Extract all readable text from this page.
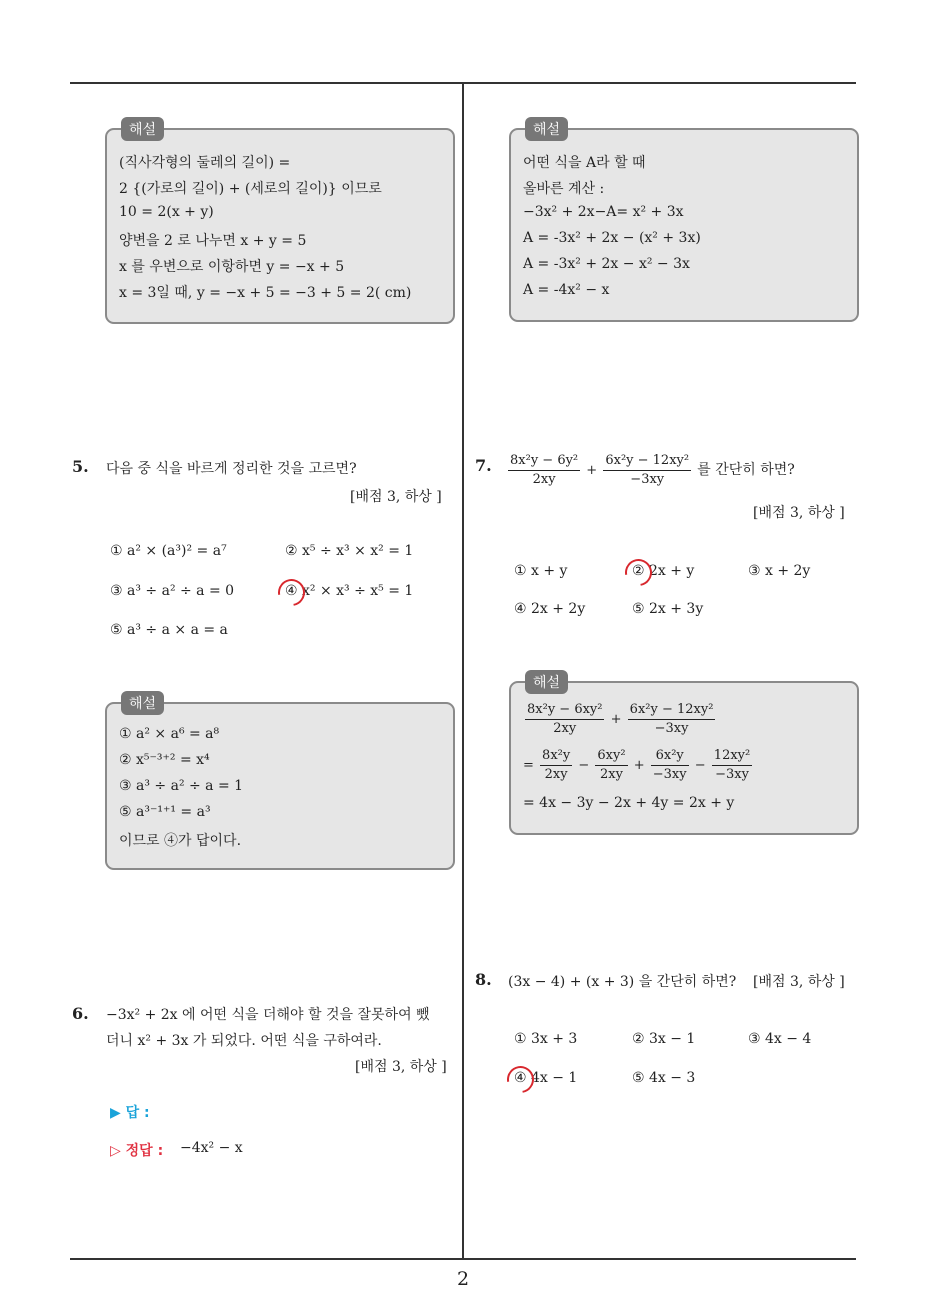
2
해설
(직사각형의 둘레의 길이) =
2 {(가로의 길이) + (세로의 길이)} 이므로
10 = 2(x + y)
양변을 2 로 나누면 x + y = 5
x 를 우변으로 이항하면 y = −x + 5
x = 3일 때, y = −x + 5 = −3 + 5 = 2( cm)
해설
어떤 식을 A라 할 때
올바른 계산 :
−3x² + 2x−A= x² + 3x
A = -3x² + 2x − (x² + 3x)
A = -3x² + 2x − x² − 3x
A = -4x² − x
5. 다음 중 식을 바르게 정리한 것을 고르면?
[배점 3, 하상 ]
① a² × (a³)² = a⁷	② x⁵ ÷ x³ × x² = 1
③ a³ ÷ a² ÷ a = 0	④ x² × x³ ÷ x⁵ = 1
⑤ a³ ÷ a × a = a
해설
① a² × a⁶ = a⁸
② x⁵⁻³⁺² = x⁴
③ a³ ÷ a² ÷ a = 1
⑤ a³⁻¹⁺¹ = a³
이므로 ④가 답이다.
6. −3x² + 2x 에 어떤 식을 더해야 할 것을 잘못하여 뺐
더니 x² + 3x 가 되었다. 어떤 식을 구하여라.
[배점 3, 하상 ]
▶ 답 :
▷ 정답 : −4x² − x
7. $\frac{\text{8x²y − 6y²}}{2xy} + \frac{\text{6x²y − 12xy²}}{-3xy}$ 를 간단히 하면?
[배점 3, 하상 ]
① x + y	② 2x + y	③ x + 2y
④ 2x + 2y	⑤ 2x + 3y
해설
$\frac{\text{8x²y − 6xy²}}{2xy} + \frac{\text{6x²y − 12xy²}}{-3xy}$
= $\frac{\text{8x²y}}{2xy} - \frac{\text{6xy²}}{2xy} + \frac{\text{6x²y}}{-3xy} - \frac{\text{12xy²}}{-3xy}$
= 4x − 3y − 2x + 4y = 2x + y
8. (3x − 4) + (x + 3) 을 간단히 하면? [배점 3, 하상 ]
① 3x + 3	② 3x − 1	③ 4x − 4
④ 4x − 1	⑤ 4x − 3
